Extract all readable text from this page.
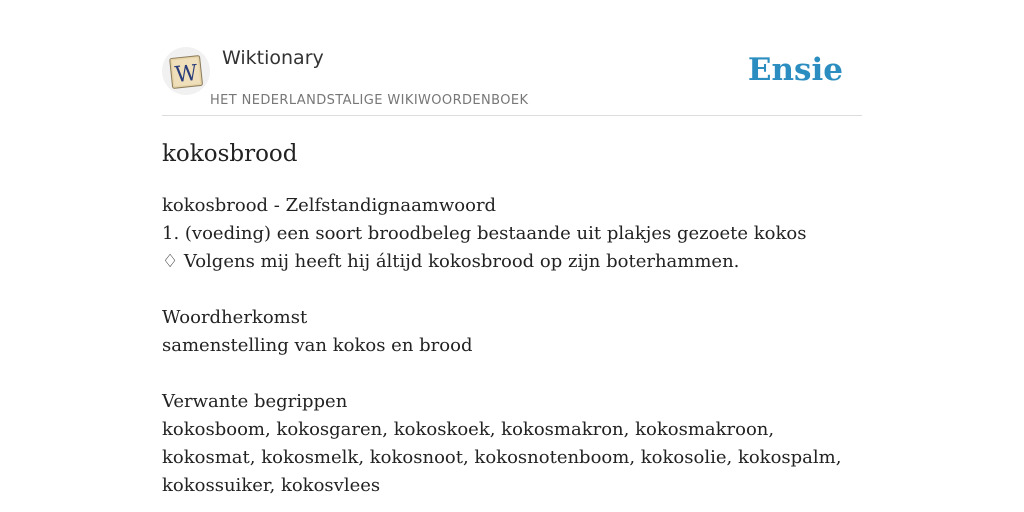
W
Wiktionary
HET NEDERLANDSTALIGE WIKIWOORDENBOEK
Ensie
kokosbrood
kokosbrood - Zelfstandignaamwoord
1. (voeding) een soort broodbeleg bestaande uit plakjes gezoete kokos
♢ Volgens mij heeft hij áltijd kokosbrood op zijn boterhammen.
Woordherkomst
samenstelling van kokos en brood
Verwante begrippen
kokosboom, kokosgaren, kokoskoek, kokosmakron, kokosmakroon, kokosmat, kokosmelk, kokosnoot, kokosnotenboom, kokosolie, kokospalm, kokossuiker, kokosvlees
